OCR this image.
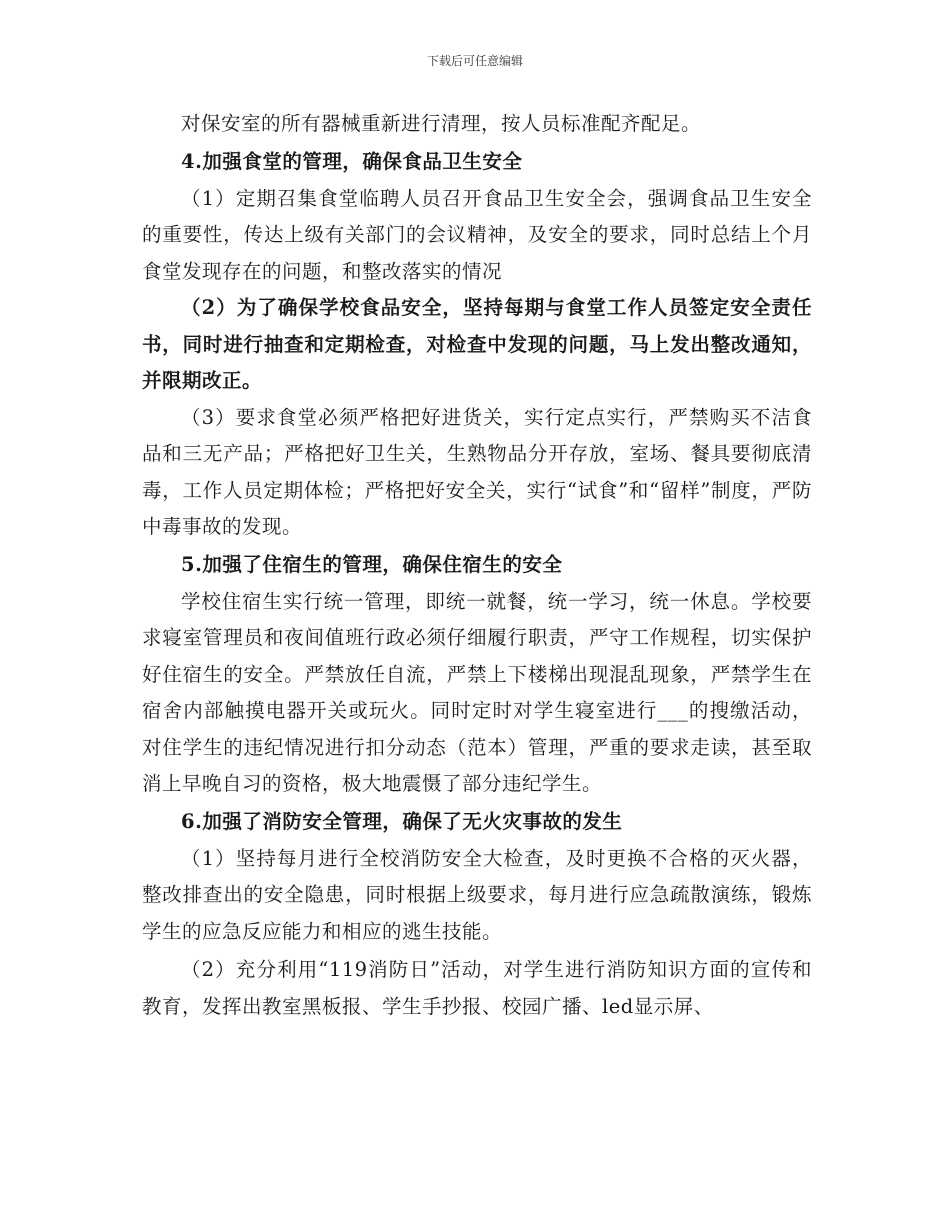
下载后可任意编辑

对保安室的所有器械重新进行清理，按人员标准配齐配足。

4.加强食堂的管理，确保食品卫生安全

（1）定期召集食堂临聘人员召开食品卫生安全会，强调食品卫生安全的重要性，传达上级有关部门的会议精神，及安全的要求，同时总结上个月食堂发现存在的问题，和整改落实的情况

（2）为了确保学校食品安全，坚持每期与食堂工作人员签定安全责任书，同时进行抽查和定期检查，对检查中发现的问题，马上发出整改通知，并限期改正。

（3）要求食堂必须严格把好进货关，实行定点实行，严禁购买不洁食品和三无产品；严格把好卫生关，生熟物品分开存放，室场、餐具要彻底清毒，工作人员定期体检；严格把好安全关，实行“试食”和“留样”制度，严防中毒事故的发现。

5.加强了住宿生的管理，确保住宿生的安全

学校住宿生实行统一管理，即统一就餐，统一学习，统一休息。学校要求寝室管理员和夜间值班行政必须仔细履行职责，严守工作规程，切实保护好住宿生的安全。严禁放任自流，严禁上下楼梯出现混乱现象，严禁学生在宿舍内部触摸电器开关或玩火。同时定时对学生寝室进行___的搜缴活动，对住学生的违纪情况进行扣分动态（范本）管理，严重的要求走读，甚至取消上早晚自习的资格，极大地震慑了部分违纪学生。

6.加强了消防安全管理，确保了无火灾事故的发生

（1）坚持每月进行全校消防安全大检查，及时更换不合格的灭火器，整改排查出的安全隐患，同时根据上级要求，每月进行应急疏散演练，锻炼学生的应急反应能力和相应的逃生技能。

（2）充分利用“119消防日”活动，对学生进行消防知识方面的宣传和教育，发挥出教室黑板报、学生手抄报、校园广播、led显示屏、
